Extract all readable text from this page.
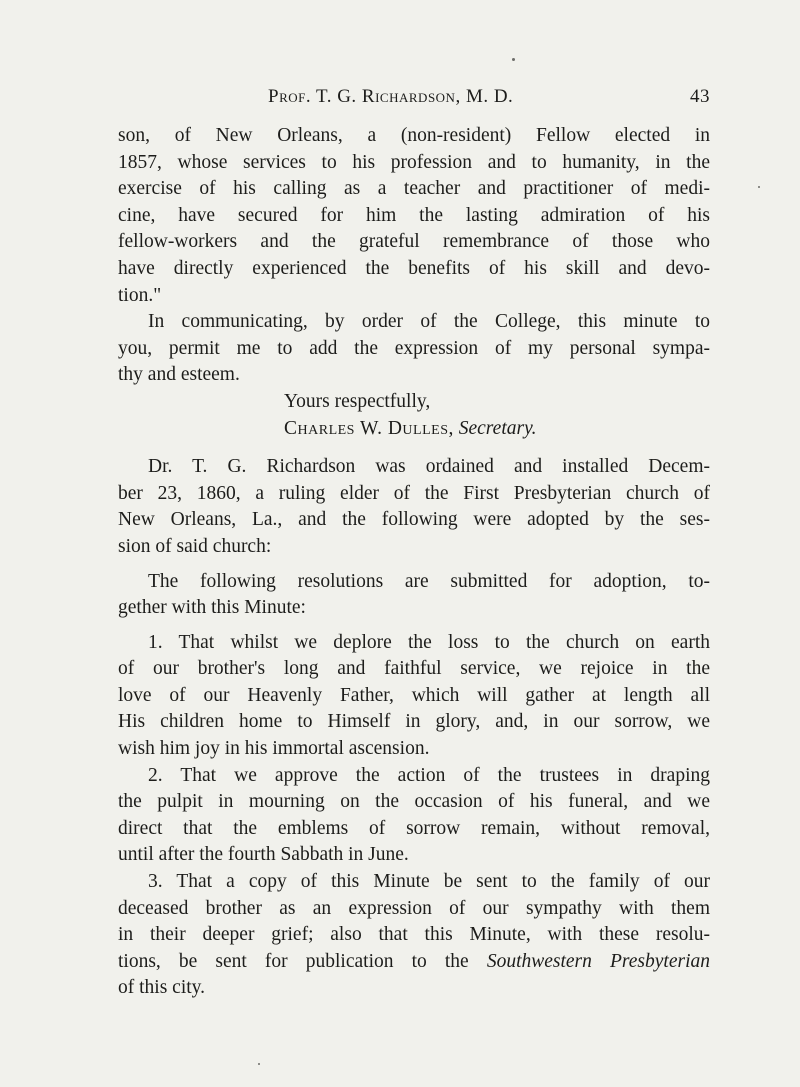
Prof. T. G. Richardson, M. D.	43
son, of New Orleans, a (non-resident) Fellow elected in
1857, whose services to his profession and to humanity, in the
exercise of his calling as a teacher and practitioner of medi-
cine, have secured for him the lasting admiration of his
fellow-workers and the grateful remembrance of those who
have directly experienced the benefits of his skill and devo-
tion."
In communicating, by order of the College, this minute to
you, permit me to add the expression of my personal sympa-
thy and esteem.
Yours respectfully,
Charles W. Dulles, Secretary.
Dr. T. G. Richardson was ordained and installed Decem-
ber 23, 1860, a ruling elder of the First Presbyterian church of
New Orleans, La., and the following were adopted by the ses-
sion of said church:
The following resolutions are submitted for adoption, to-
gether with this Minute:
1. That whilst we deplore the loss to the church on earth
of our brother's long and faithful service, we rejoice in the
love of our Heavenly Father, which will gather at length all
His children home to Himself in glory, and, in our sorrow, we
wish him joy in his immortal ascension.
2. That we approve the action of the trustees in draping
the pulpit in mourning on the occasion of his funeral, and we
direct that the emblems of sorrow remain, without removal,
until after the fourth Sabbath in June.
3. That a copy of this Minute be sent to the family of our
deceased brother as an expression of our sympathy with them
in their deeper grief; also that this Minute, with these resolu-
tions, be sent for publication to the Southwestern Presbyterian
of this city.
